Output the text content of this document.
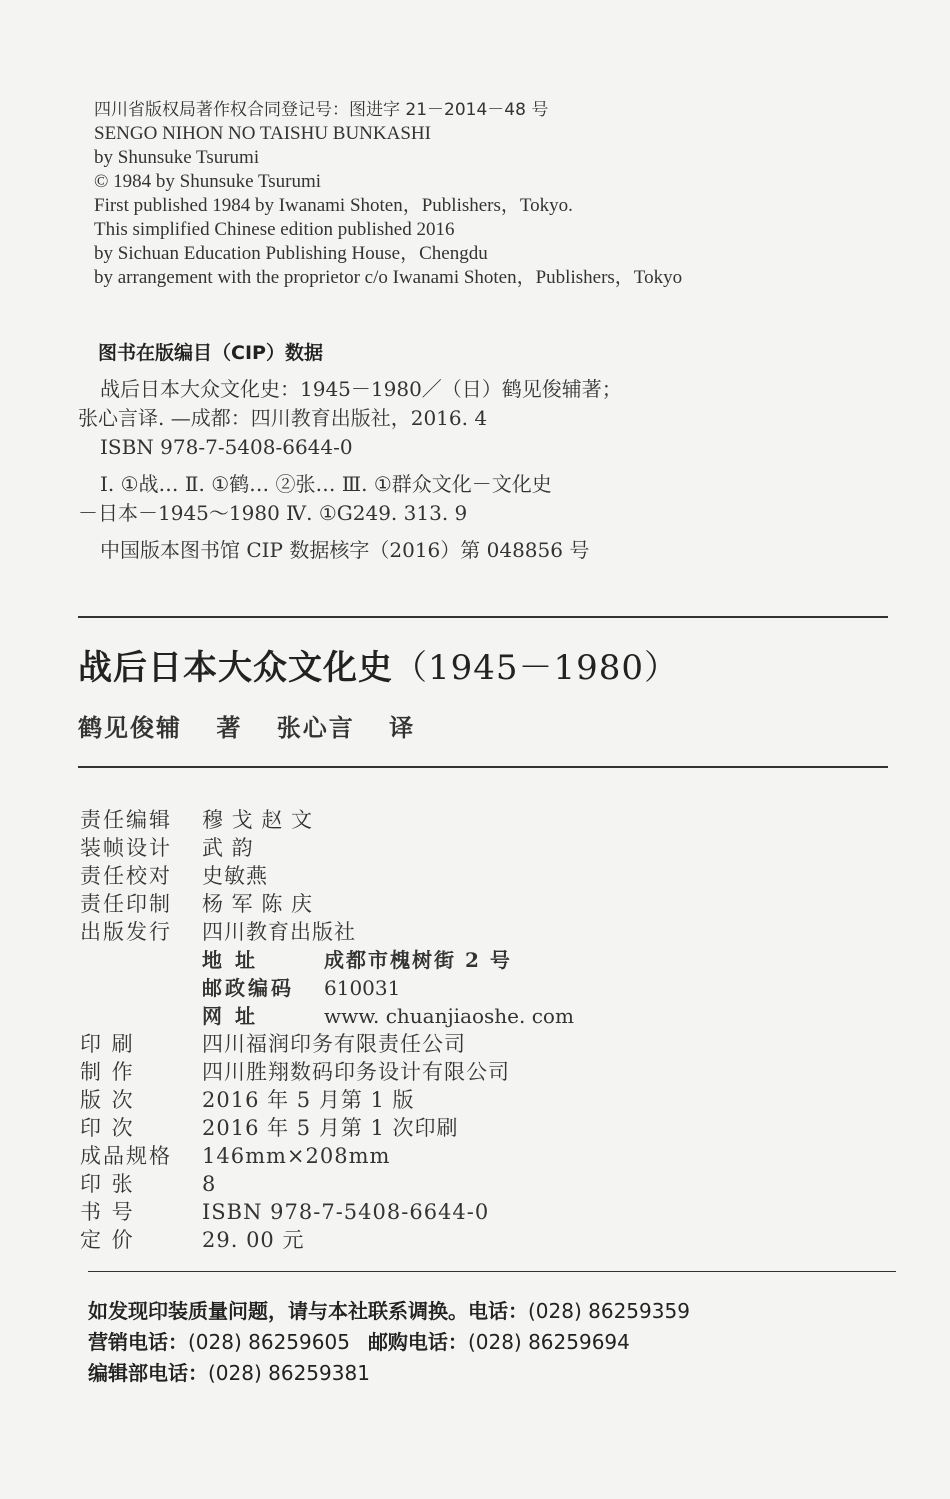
四川省版权局著作权合同登记号：图进字 21－2014－48 号
SENGO NIHON NO TAISHU BUNKASHI
by Shunsuke Tsurumi
© 1984 by Shunsuke Tsurumi
First published 1984 by Iwanami Shoten，Publishers，Tokyo.
This simplified Chinese edition published 2016
by Sichuan Education Publishing House，Chengdu
by arrangement with the proprietor c/o Iwanami Shoten，Publishers，Tokyo
图书在版编目（CIP）数据
战后日本大众文化史：1945－1980／（日）鹤见俊辅著；
张心言译. —成都：四川教育出版社，2016. 4
ISBN 978-7-5408-6644-0
Ⅰ. ①战… Ⅱ. ①鹤… ②张… Ⅲ. ①群众文化－文化史
－日本－1945～1980 Ⅳ. ①G249. 313. 9
中国版本图书馆 CIP 数据核字（2016）第 048856 号
战后日本大众文化史（1945－1980）
鹤见俊辅 著 张心言 译
责任编辑	穆 戈 赵 文
装帧设计	武 韵
责任校对	史敏燕
责任印制	杨 军 陈 庆
出版发行	四川教育出版社
地 址	成都市槐树街 2 号
邮政编码	610031
网 址	www. chuanjiaoshe. com
印 刷	四川福润印务有限责任公司
制 作	四川胜翔数码印务设计有限公司
版 次	2016 年 5 月第 1 版
印 次	2016 年 5 月第 1 次印刷
成品规格	146mm×208mm
印 张	8
书 号	ISBN 978-7-5408-6644-0
定 价	29. 00 元
如发现印装质量问题，请与本社联系调换。电话：(028) 86259359
营销电话：(028) 86259605 邮购电话：(028) 86259694
编辑部电话：(028) 86259381
